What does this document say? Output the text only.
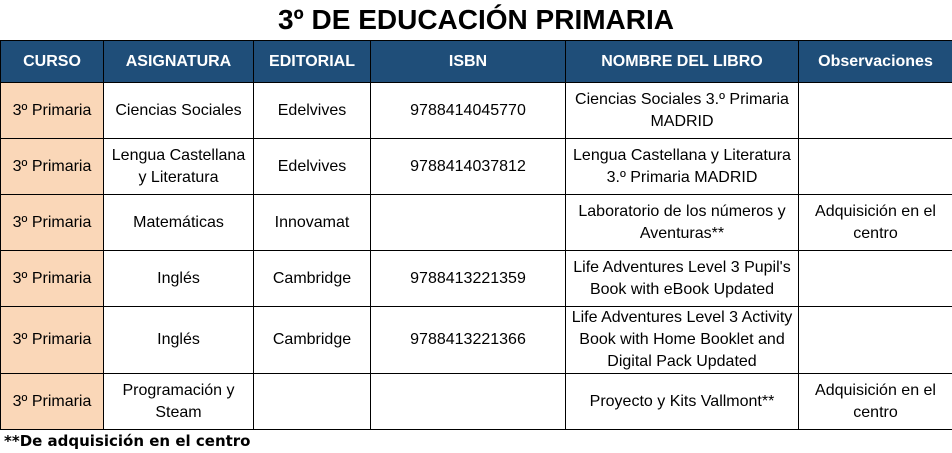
3º DE EDUCACIÓN PRIMARIA
CURSO	ASIGNATURA	EDITORIAL	ISBN	NOMBRE DEL LIBRO	Observaciones
3º Primaria	Ciencias Sociales	Edelvives	9788414045770	Ciencias Sociales 3.º Primaria MADRID	
3º Primaria	Lengua Castellana y Literatura	Edelvives	9788414037812	Lengua Castellana y Literatura 3.º Primaria MADRID	
3º Primaria	Matemáticas	Innovamat		Laboratorio de los números y Aventuras**	Adquisición en el centro
3º Primaria	Inglés	Cambridge	9788413221359	Life Adventures Level 3 Pupil's Book with eBook Updated	
3º Primaria	Inglés	Cambridge	9788413221366	Life Adventures Level 3 Activity Book with Home Booklet and Digital Pack Updated	
3º Primaria	Programación y Steam			Proyecto y Kits Vallmont**	Adquisición en el centro
**De adquisición en el centro
